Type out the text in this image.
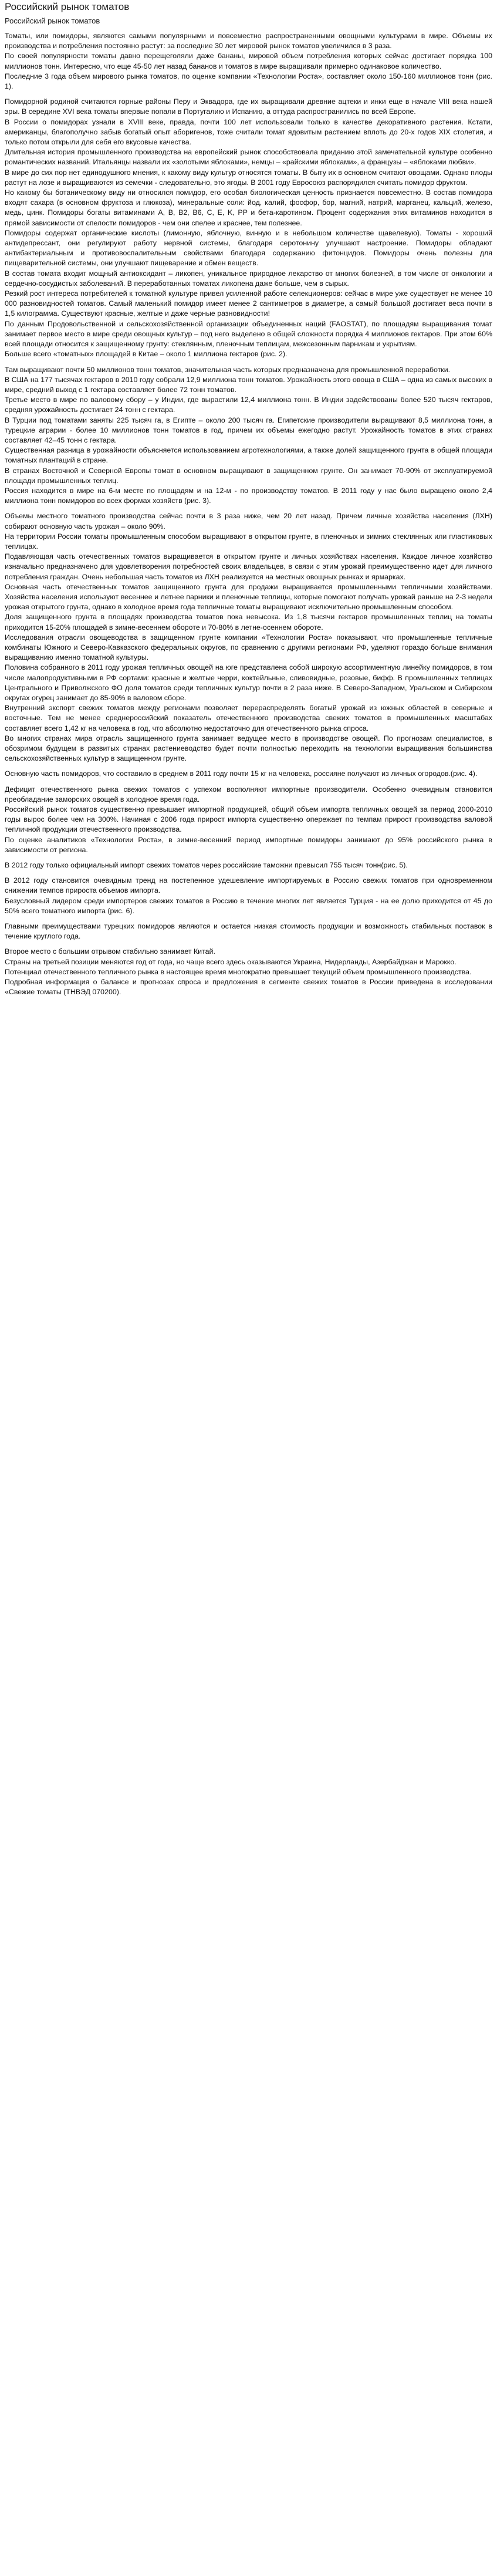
Российский рынок томатов
Российский рынок томатов

Томаты, или помидоры, являются самыми популярными и повсеместно распространенными овощными культурами в мире. Объемы их производства и потребления постоянно растут: за последние 30 лет мировой рынок томатов увеличился в 3 раза.

По своей популярности томаты давно перещеголяли даже бананы, мировой объем потребления которых сейчас достигает порядка 100 миллионов тонн. Интересно, что еще 45-50 лет назад бананов и томатов в мире выращивали примерно одинаковое количество.

Последние 3 года объем мирового рынка томатов, по оценке компании «Технологии Роста», составляет около 150-160 миллионов тонн (рис. 1).

Помидорной родиной считаются горные районы Перу и Эквадора, где их выращивали древние ацтеки и инки еще в начале VIII века нашей эры. В середине XVI века томаты впервые попали в Португалию и Испанию, а оттуда распространились по всей Европе.

В России о помидорах узнали в XVIII веке, правда, почти 100 лет использовали только в качестве декоративного растения. Кстати, американцы, благополучно забыв богатый опыт аборигенов, тоже считали томат ядовитым растением вплоть до 20-х годов XIX столетия, и только потом открыли для себя его вкусовые качества.

Длительная история промышленного производства на европейский рынок способствовала приданию этой замечательной культуре особенно романтических названий. Итальянцы назвали их «золотыми яблоками», немцы – «райскими яблоками», а французы – «яблоками любви».

В мире до сих пор нет единодушного мнения, к какому виду культур относятся томаты. В быту их в основном считают овощами. Однако плоды растут на лозе и выращиваются из семечки - следовательно, это ягоды. В 2001 году Евросоюз распорядился считать помидор фруктом.

Но какому бы ботаническому виду ни относился помидор, его особая биологическая ценность признается повсеместно. В состав помидора входят сахара (в основном фруктоза и глюкоза), минеральные соли: йод, калий, фосфор, бор, магний, натрий, марганец, кальций, железо, медь, цинк. Помидоры богаты витаминами A, B, B2, B6, C, E, K, PP и бета-каротином. Процент содержания этих витаминов находится в прямой зависимости от спелости помидоров - чем они спелее и краснее, тем полезнее.

Помидоры содержат органические кислоты (лимонную, яблочную, винную и в небольшом количестве щавелевую). Томаты - хороший антидепрессант, они регулируют работу нервной системы, благодаря серотонину улучшают настроение. Помидоры обладают антибактериальным и противовоспалительным свойствами благодаря содержанию фитонцидов. Помидоры очень полезны для пищеварительной системы, они улучшают пищеварение и обмен веществ.

В состав томата входит мощный антиоксидант – ликопен, уникальное природное лекарство от многих болезней, в том числе от онкологии и сердечно-сосудистых заболеваний. В переработанных томатах ликопена даже больше, чем в сырых.

Резкий рост интереса потребителей к томатной культуре привел усиленной работе селекционеров: сейчас в мире уже существует не менее 10 000 разновидностей томатов. Самый маленький помидор имеет менее 2 сантиметров в диаметре, а самый большой достигает веса почти в 1,5 килограмма. Существуют красные, желтые и даже черные разновидности!

По данным Продовольственной и сельскохозяйственной организации объединенных наций (FAOSTAT), по площадям выращивания томат занимает первое место в мире среди овощных культур – под него выделено в общей сложности порядка 4 миллионов гектаров. При этом 60% всей площади относится к защищенному грунту: стеклянным, пленочным теплицам, межсезонным парникам и укрытиям.

Больше всего «томатных» площадей в Китае – около 1 миллиона гектаров (рис. 2).

Там выращивают почти 50 миллионов тонн томатов, значительная часть которых предназначена для промышленной переработки.

В США на 177 тысячах гектаров в 2010 году собрали 12,9 миллиона тонн томатов. Урожайность этого овоща в США – одна из самых высоких в мире, средний выход с 1 гектара составляет более 72 тонн томатов.

Третье место в мире по валовому сбору – у Индии, где вырастили 12,4 миллиона тонн. В Индии задействованы более 520 тысяч гектаров, средняя урожайность достигает 24 тонн с гектара.

В Турции под томатами заняты 225 тысяч га, в Египте – около 200 тысяч га. Египетские производители выращивают 8,5 миллиона тонн, а турецкие аграрии - более 10 миллионов тонн томатов в год, причем их объемы ежегодно растут. Урожайность томатов в этих странах составляет 42–45 тонн с гектара.

Существенная разница в урожайности объясняется использованием агротехнологиями, а также долей защищенного грунта в общей площади томатных плантаций в стране.

В странах Восточной и Северной Европы томат в основном выращивают в защищенном грунте. Он занимает 70-90% от эксплуатируемой площади промышленных теплиц.

Россия находится в мире на 6-м месте по площадям и на 12-м - по производству томатов. В 2011 году у нас было выращено около 2,4 миллиона тонн помидоров во всех формах хозяйств (рис. 3).

Объемы местного томатного производства сейчас почти в 3 раза ниже, чем 20 лет назад. Причем личные хозяйства населения (ЛХН) собирают основную часть урожая – около 90%.

На территории России томаты промышленным способом выращивают в открытом грунте, в пленочных и зимних стеклянных или пластиковых теплицах.

Подавляющая часть отечественных томатов выращивается в открытом грунте и личных хозяйствах населения. Каждое личное хозяйство изначально предназначено для удовлетворения потребностей своих владельцев, в связи с этим урожай преимущественно идет для личного потребления граждан. Очень небольшая часть томатов из ЛХН реализуется на местных овощных рынках и ярмарках.

Основная часть отечественных томатов защищенного грунта для продажи выращивается промышленными тепличными хозяйствами. Хозяйства населения используют весеннее и летнее парники и пленочные теплицы, которые помогают получать урожай раньше на 2-3 недели урожая открытого грунта, однако в холодное время года тепличные томаты выращивают исключительно промышленным способом.

Доля защищенного грунта в площадях производства томатов пока невысока. Из 1,8 тысячи гектаров промышленных теплиц на томаты приходится 15-20% площадей в зимне-весеннем обороте и 70-80% в летне-осеннем обороте.

Исследования отрасли овощеводства в защищенном грунте компании «Технологии Роста» показывают, что промышленные тепличные комбинаты Южного и Северо-Кавказского федеральных округов, по сравнению с другими регионами РФ, уделяют гораздо больше внимания выращиванию именно томатной культуры.

Половина собранного в 2011 году урожая тепличных овощей на юге представлена собой широкую ассортиментную линейку помидоров, в том числе малопродуктивными в РФ сортами: красные и желтые черри, коктейльные, сливовидные, розовые, бифф. В промышленных теплицах Центрального и Приволжского ФО доля томатов среди тепличных культур почти в 2 раза ниже. В Северо-Западном, Уральском и Сибирском округах огурец занимает до 85-90% в валовом сборе.

Внутренний экспорт свежих томатов между регионами позволяет перераспределять богатый урожай из южных областей в северные и восточные. Тем не менее среднероссийский показатель отечественного производства свежих томатов в промышленных масштабах составляет всего 1,42 кг на человека в год, что абсолютно недостаточно для отечественного рынка спроса.

Во многих странах мира отрасль защищенного грунта занимает ведущее место в производстве овощей. По прогнозам специалистов, в обозримом будущем в развитых странах растениеводство будет почти полностью переходить на технологии выращивания большинства сельскохозяйственных культур в защищенном грунте.

Основную часть помидоров, что составило в среднем в 2011 году почти 15 кг на человека, россияне получают из личных огородов.(рис. 4).

Дефицит отечественного рынка свежих томатов с успехом восполняют импортные производители. Особенно очевидным становится преобладание заморских овощей в холодное время года.

Российский рынок томатов существенно превышает импортной продукцией, общий объем импорта тепличных овощей за период 2000-2010 годы вырос более чем на 300%. Начиная с 2006 года прирост импорта существенно опережает по темпам прирост производства валовой тепличной продукции отечественного производства.

По оценке аналитиков «Технологии Роста», в зимне-весенний период импортные помидоры занимают до 95% российского рынка в зависимости от региона.

В 2012 году только официальный импорт свежих томатов через российские таможни превысил 755 тысяч тонн(рис. 5).

В 2012 году становится очевидным тренд на постепенное удешевление импортируемых в Россию свежих томатов при одновременном снижении темпов прироста объемов импорта.

Безусловный лидером среди импортеров свежих томатов в Россию в течение многих лет является Турция - на ее долю приходится от 45 до 50% всего томатного импорта (рис. 6).

Главными преимуществами турецких помидоров являются и остается низкая стоимость продукции и возможность стабильных поставок в течение круглого года.

Второе место с большим отрывом стабильно занимает Китай.

Страны на третьей позиции меняются год от года, но чаще всего здесь оказываются Украина, Нидерланды, Азербайджан и Марокко.

Потенциал отечественного тепличного рынка в настоящее время многократно превышает текущий объем промышленного производства.

Подробная информация о балансе и прогнозах спроса и предложения в сегменте свежих томатов в России приведена в исследовании «Свежие томаты (ТНВЭД 070200).
